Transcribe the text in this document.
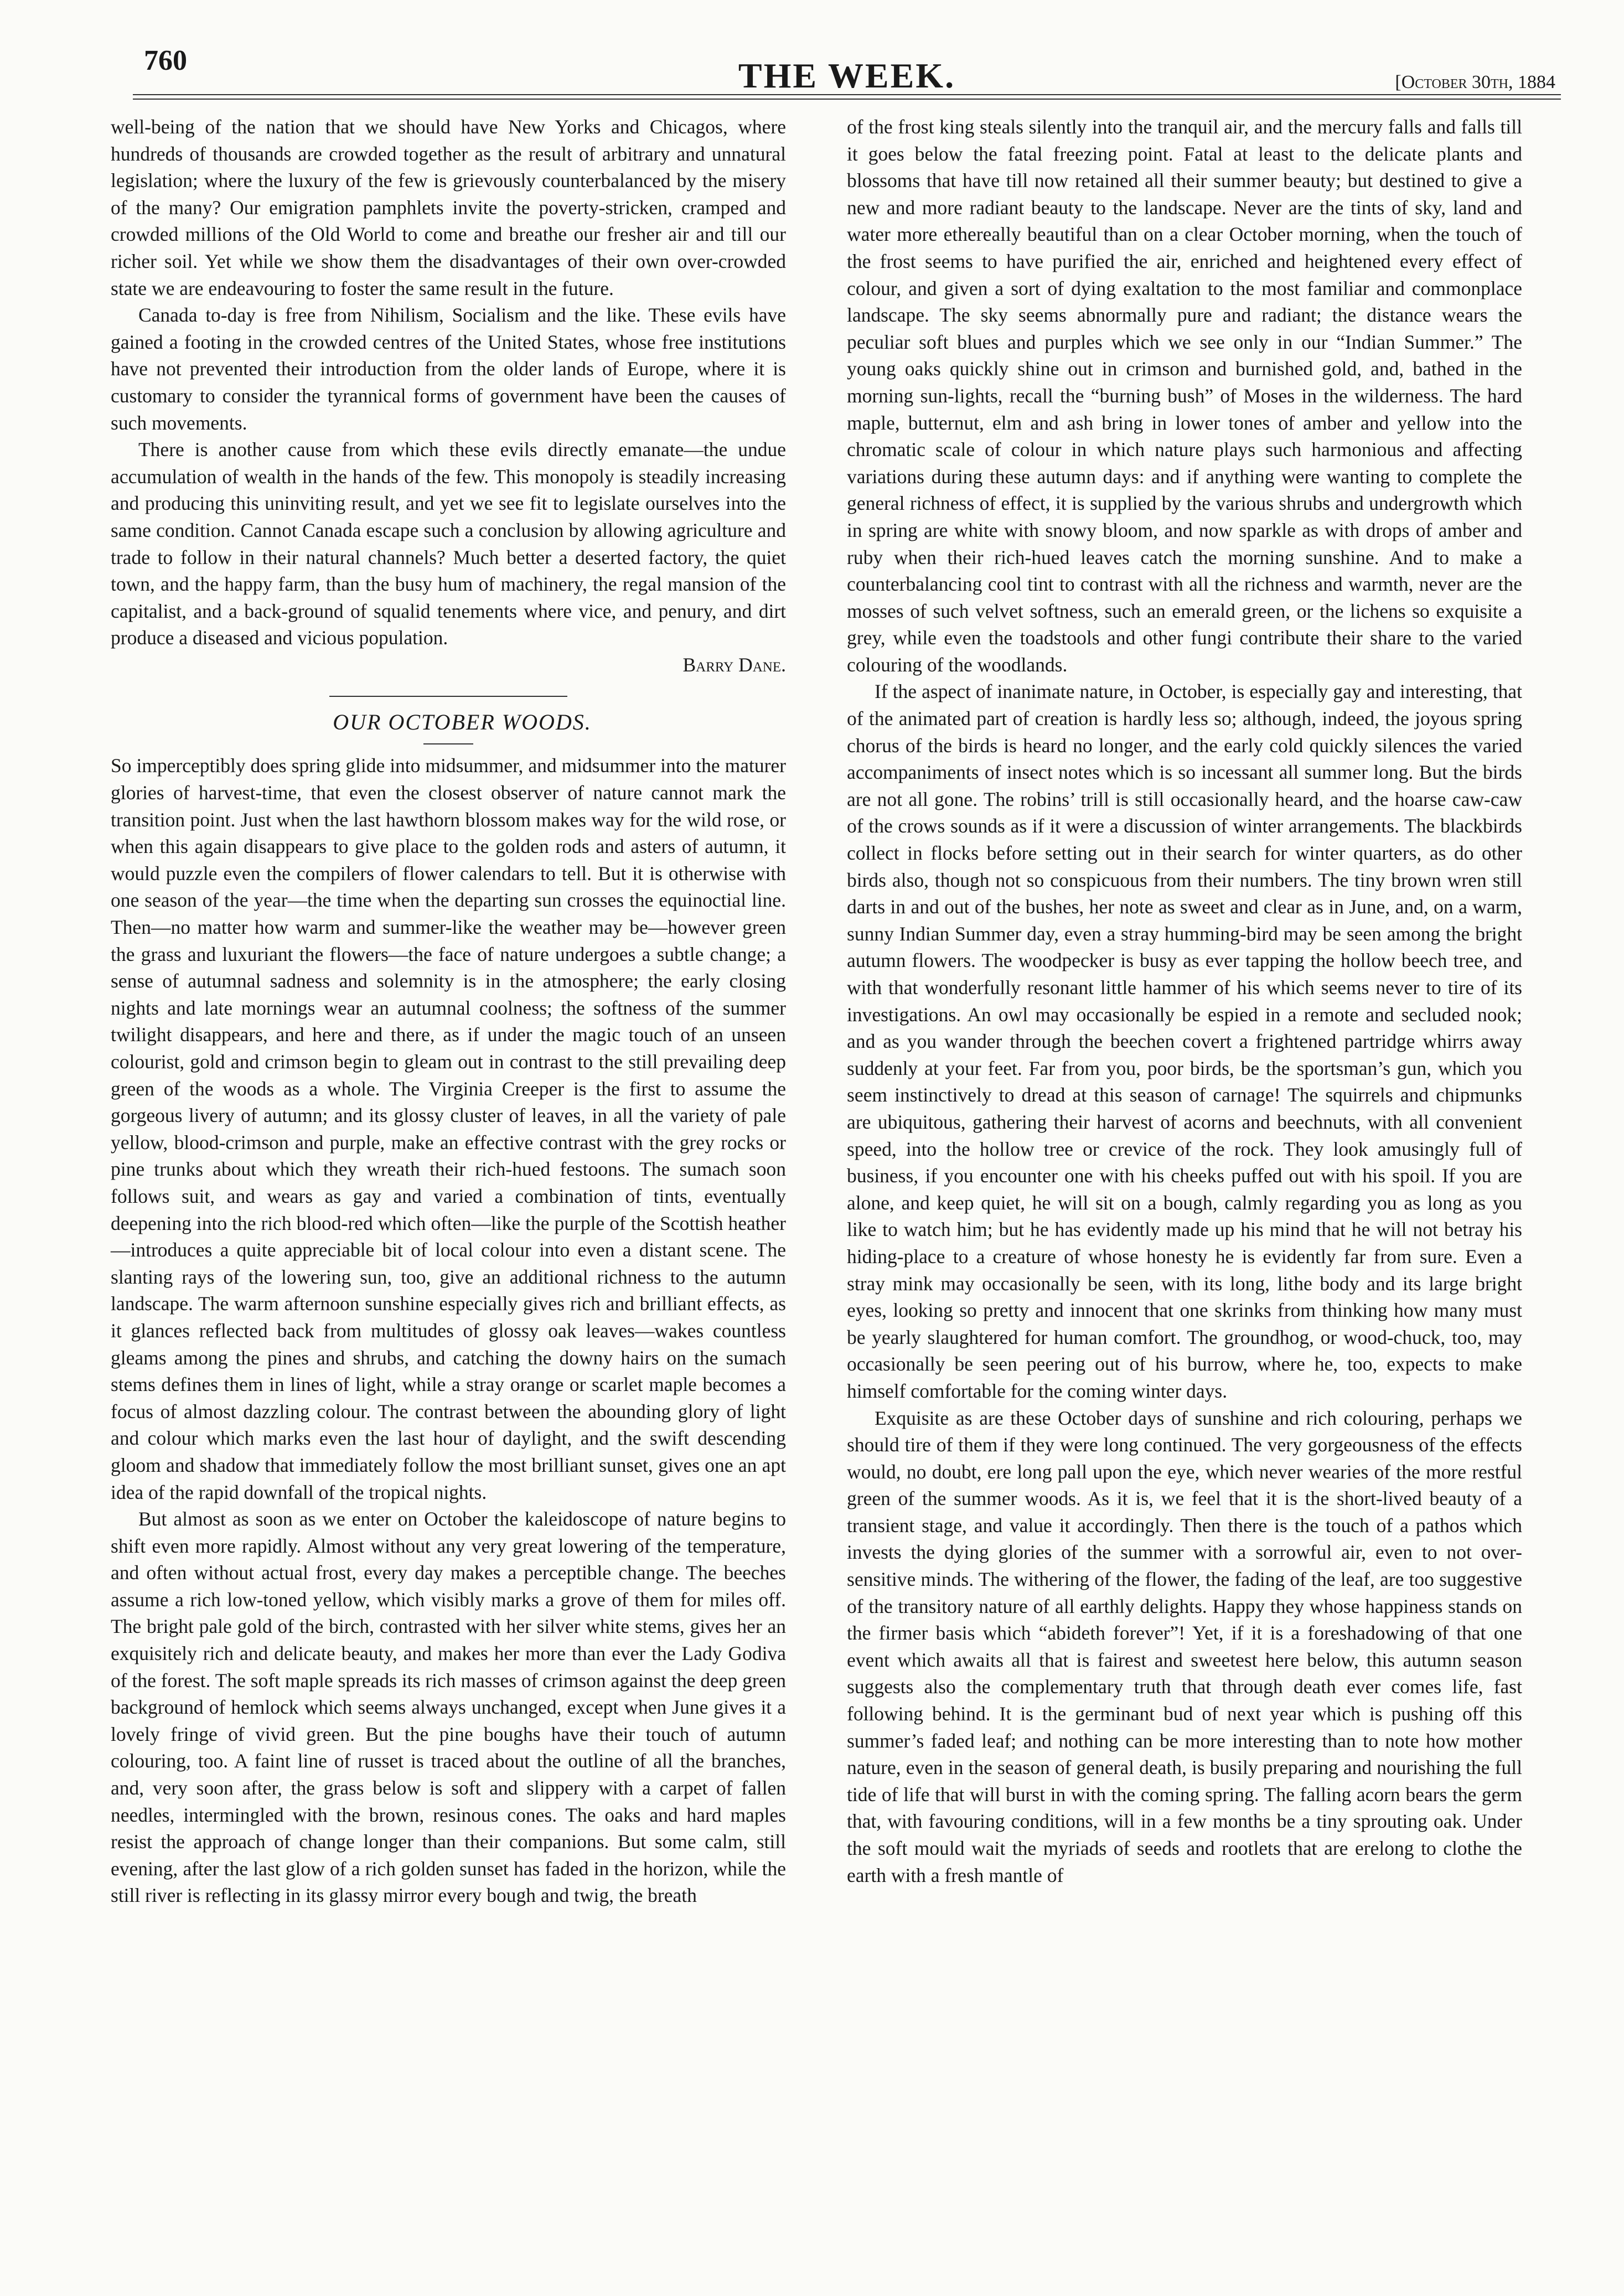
760	THE WEEK.	[October 30th, 1884

well-being of the nation that we should have New Yorks and Chicagos, where hundreds of thousands are crowded together as the result of arbitrary and unnatural legislation; where the luxury of the few is grievously counterbalanced by the misery of the many? Our emigration pamphlets invite the poverty-stricken, cramped and crowded millions of the Old World to come and breathe our fresher air and till our richer soil. Yet while we show them the disadvantages of their own over-crowded state we are endeavouring to foster the same result in the future.

Canada to-day is free from Nihilism, Socialism and the like. These evils have gained a footing in the crowded centres of the United States, whose free institutions have not prevented their introduction from the older lands of Europe, where it is customary to consider the tyrannical forms of government have been the causes of such movements.

There is another cause from which these evils directly emanate—the undue accumulation of wealth in the hands of the few. This monopoly is steadily increasing and producing this uninviting result, and yet we see fit to legislate ourselves into the same condition. Cannot Canada escape such a conclusion by allowing agriculture and trade to follow in their natural channels? Much better a deserted factory, the quiet town, and the happy farm, than the busy hum of machinery, the regal mansion of the capitalist, and a back-ground of squalid tenements where vice, and penury, and dirt produce a diseased and vicious population.

Barry Dane.

OUR OCTOBER WOODS.

So imperceptibly does spring glide into midsummer, and midsummer into the maturer glories of harvest-time, that even the closest observer of nature cannot mark the transition point. Just when the last hawthorn blossom makes way for the wild rose, or when this again disappears to give place to the golden rods and asters of autumn, it would puzzle even the compilers of flower calendars to tell. But it is otherwise with one season of the year—the time when the departing sun crosses the equinoctial line. Then—no matter how warm and summer-like the weather may be—however green the grass and luxuriant the flowers—the face of nature undergoes a subtle change; a sense of autumnal sadness and solemnity is in the atmosphere; the early closing nights and late mornings wear an autumnal coolness; the softness of the summer twilight disappears, and here and there, as if under the magic touch of an unseen colourist, gold and crimson begin to gleam out in contrast to the still prevailing deep green of the woods as a whole. The Virginia Creeper is the first to assume the gorgeous livery of autumn; and its glossy cluster of leaves, in all the variety of pale yellow, blood-crimson and purple, make an effective contrast with the grey rocks or pine trunks about which they wreath their rich-hued festoons. The sumach soon follows suit, and wears as gay and varied a combination of tints, eventually deepening into the rich blood-red which often—like the purple of the Scottish heather—introduces a quite appreciable bit of local colour into even a distant scene. The slanting rays of the lowering sun, too, give an additional richness to the autumn landscape. The warm afternoon sunshine especially gives rich and brilliant effects, as it glances reflected back from multitudes of glossy oak leaves—wakes countless gleams among the pines and shrubs, and catching the downy hairs on the sumach stems defines them in lines of light, while a stray orange or scarlet maple becomes a focus of almost dazzling colour. The contrast between the abounding glory of light and colour which marks even the last hour of daylight, and the swift descending gloom and shadow that immediately follow the most brilliant sunset, gives one an apt idea of the rapid downfall of the tropical nights.

But almost as soon as we enter on October the kaleidoscope of nature begins to shift even more rapidly. Almost without any very great lowering of the temperature, and often without actual frost, every day makes a perceptible change. The beeches assume a rich low-toned yellow, which visibly marks a grove of them for miles off. The bright pale gold of the birch, contrasted with her silver white stems, gives her an exquisitely rich and delicate beauty, and makes her more than ever the Lady Godiva of the forest. The soft maple spreads its rich masses of crimson against the deep green background of hemlock which seems always unchanged, except when June gives it a lovely fringe of vivid green. But the pine boughs have their touch of autumn colouring, too. A faint line of russet is traced about the outline of all the branches, and, very soon after, the grass below is soft and slippery with a carpet of fallen needles, intermingled with the brown, resinous cones. The oaks and hard maples resist the approach of change longer than their companions. But some calm, still evening, after the last glow of a rich golden sunset has faded in the horizon, while the still river is reflecting in its glassy mirror every bough and twig, the breath

of the frost king steals silently into the tranquil air, and the mercury falls and falls till it goes below the fatal freezing point. Fatal at least to the delicate plants and blossoms that have till now retained all their summer beauty; but destined to give a new and more radiant beauty to the landscape. Never are the tints of sky, land and water more ethereally beautiful than on a clear October morning, when the touch of the frost seems to have purified the air, enriched and heightened every effect of colour, and given a sort of dying exaltation to the most familiar and commonplace landscape. The sky seems abnormally pure and radiant; the distance wears the peculiar soft blues and purples which we see only in our “Indian Summer.” The young oaks quickly shine out in crimson and burnished gold, and, bathed in the morning sun-lights, recall the “burning bush” of Moses in the wilderness. The hard maple, butternut, elm and ash bring in lower tones of amber and yellow into the chromatic scale of colour in which nature plays such harmonious and affecting variations during these autumn days: and if anything were wanting to complete the general richness of effect, it is supplied by the various shrubs and undergrowth which in spring are white with snowy bloom, and now sparkle as with drops of amber and ruby when their rich-hued leaves catch the morning sunshine. And to make a counterbalancing cool tint to contrast with all the richness and warmth, never are the mosses of such velvet softness, such an emerald green, or the lichens so exquisite a grey, while even the toadstools and other fungi contribute their share to the varied colouring of the woodlands.

If the aspect of inanimate nature, in October, is especially gay and interesting, that of the animated part of creation is hardly less so; although, indeed, the joyous spring chorus of the birds is heard no longer, and the early cold quickly silences the varied accompaniments of insect notes which is so incessant all summer long. But the birds are not all gone. The robins’ trill is still occasionally heard, and the hoarse caw-caw of the crows sounds as if it were a discussion of winter arrangements. The blackbirds collect in flocks before setting out in their search for winter quarters, as do other birds also, though not so conspicuous from their numbers. The tiny brown wren still darts in and out of the bushes, her note as sweet and clear as in June, and, on a warm, sunny Indian Summer day, even a stray humming-bird may be seen among the bright autumn flowers. The woodpecker is busy as ever tapping the hollow beech tree, and with that wonderfully resonant little hammer of his which seems never to tire of its investigations. An owl may occasionally be espied in a remote and secluded nook; and as you wander through the beechen covert a frightened partridge whirrs away suddenly at your feet. Far from you, poor birds, be the sportsman’s gun, which you seem instinctively to dread at this season of carnage! The squirrels and chipmunks are ubiquitous, gathering their harvest of acorns and beechnuts, with all convenient speed, into the hollow tree or crevice of the rock. They look amusingly full of business, if you encounter one with his cheeks puffed out with his spoil. If you are alone, and keep quiet, he will sit on a bough, calmly regarding you as long as you like to watch him; but he has evidently made up his mind that he will not betray his hiding-place to a creature of whose honesty he is evidently far from sure. Even a stray mink may occasionally be seen, with its long, lithe body and its large bright eyes, looking so pretty and innocent that one skrinks from thinking how many must be yearly slaughtered for human comfort. The groundhog, or wood-chuck, too, may occasionally be seen peering out of his burrow, where he, too, expects to make himself comfortable for the coming winter days.

Exquisite as are these October days of sunshine and rich colouring, perhaps we should tire of them if they were long continued. The very gorgeousness of the effects would, no doubt, ere long pall upon the eye, which never wearies of the more restful green of the summer woods. As it is, we feel that it is the short-lived beauty of a transient stage, and value it accordingly. Then there is the touch of a pathos which invests the dying glories of the summer with a sorrowful air, even to not over-sensitive minds. The withering of the flower, the fading of the leaf, are too suggestive of the transitory nature of all earthly delights. Happy they whose happiness stands on the firmer basis which “abideth forever”! Yet, if it is a foreshadowing of that one event which awaits all that is fairest and sweetest here below, this autumn season suggests also the complementary truth that through death ever comes life, fast following behind. It is the germinant bud of next year which is pushing off this summer’s faded leaf; and nothing can be more interesting than to note how mother nature, even in the season of general death, is busily preparing and nourishing the full tide of life that will burst in with the coming spring. The falling acorn bears the germ that, with favouring conditions, will in a few months be a tiny sprouting oak. Under the soft mould wait the myriads of seeds and rootlets that are erelong to clothe the earth with a fresh mantle of
